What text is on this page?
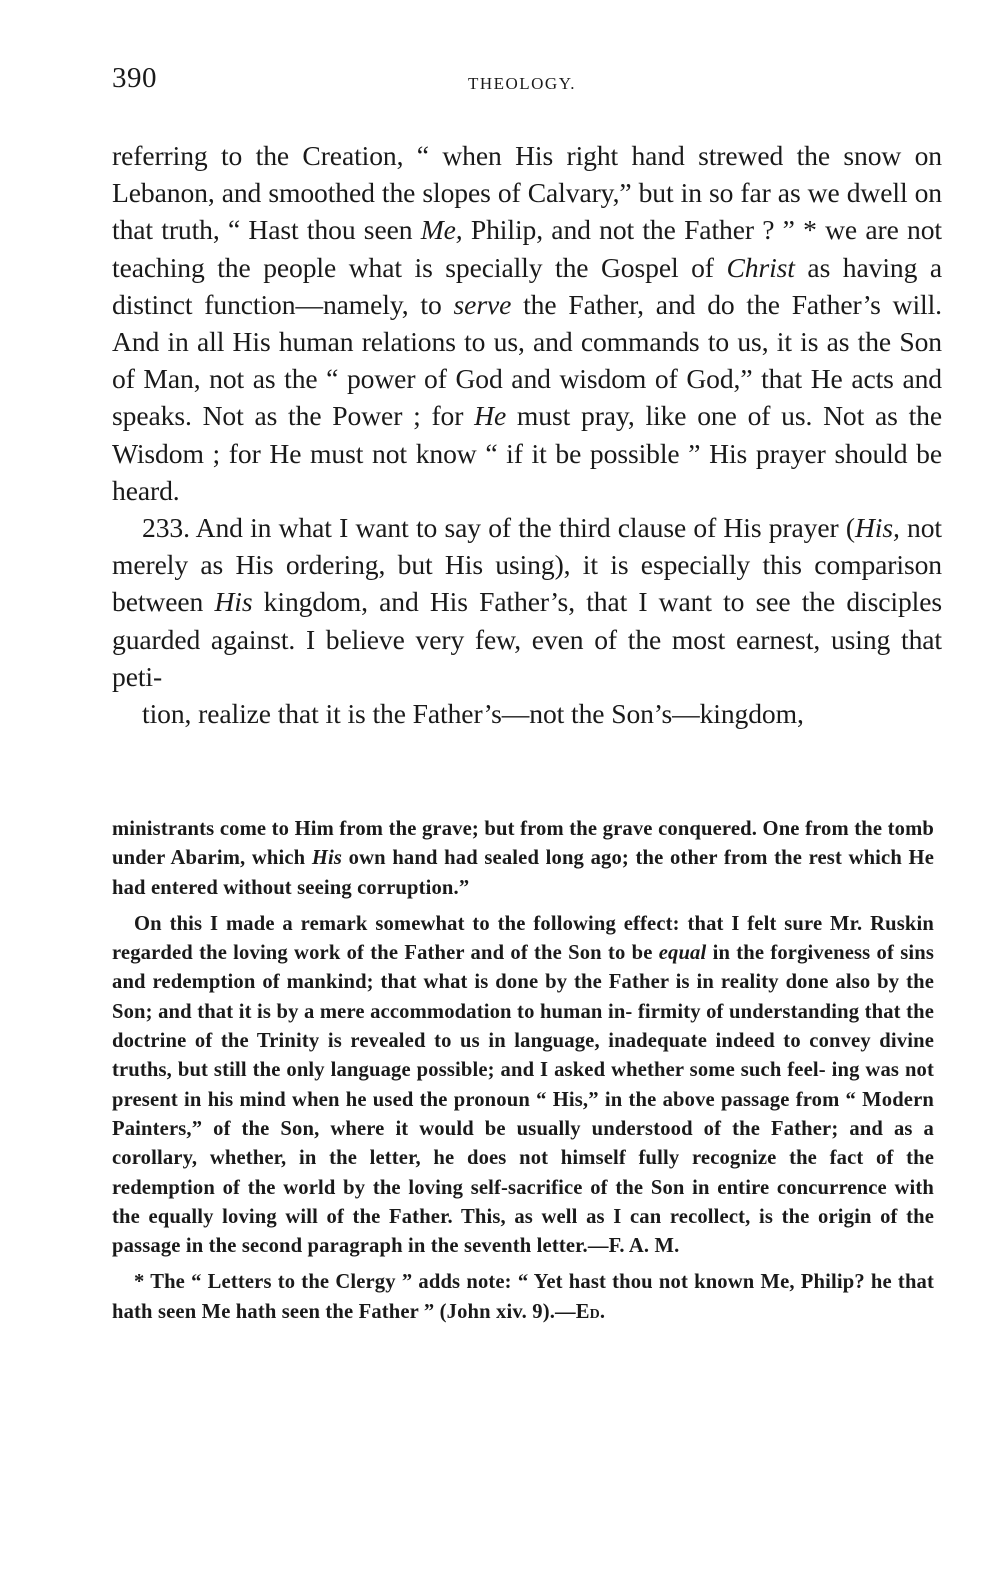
390	THEOLOGY.

referring to the Creation, “ when His right hand strewed the snow on Lebanon, and smoothed the slopes of Calvary,” but in so far as we dwell on that truth, “ Hast thou seen Me, Philip, and not the Father ? ” * we are not teaching the people what is specially the Gospel of Christ as having a distinct function—namely, to serve the Father, and do the Father’s will. And in all His human relations to us, and commands to us, it is as the Son of Man, not as the “ power of God and wisdom of God,” that He acts and speaks. Not as the Power ; for He must pray, like one of us. Not as the Wisdom ; for He must not know “ if it be possible ” His prayer should be heard.

233. And in what I want to say of the third clause of His prayer (His, not merely as His ordering, but His using), it is especially this comparison between His kingdom, and His Father’s, that I want to see the disciples guarded against. I believe very few, even of the most earnest, using that peti-
tion, realize that it is the Father’s—not the Son’s—kingdom,

ministrants come to Him from the grave; but from the grave conquered. One from the tomb under Abarim, which His own hand had sealed long ago; the other from the rest which He had entered without seeing corruption.”

On this I made a remark somewhat to the following effect: that I felt sure Mr. Ruskin regarded the loving work of the Father and of the Son to be equal in the forgiveness of sins and redemption of mankind; that what is done by the Father is in reality done also by the Son; and that it is by a mere accommodation to human in- firmity of understanding that the doctrine of the Trinity is revealed to us in language, inadequate indeed to convey divine truths, but still the only language possible; and I asked whether some such feel- ing was not present in his mind when he used the pronoun “ His,” in the above passage from “ Modern Painters,” of the Son, where it would be usually understood of the Father; and as a corollary, whether, in the letter, he does not himself fully recognize the fact of the redemption of the world by the loving self-sacrifice of the Son in entire concurrence with the equally loving will of the Father. This, as well as I can recollect, is the origin of the passage in the second paragraph in the seventh letter.—F. A. M.

* The “ Letters to the Clergy ” adds note: “ Yet hast thou not known Me, Philip? he that hath seen Me hath seen the Father ” (John xiv. 9).—Ed.
